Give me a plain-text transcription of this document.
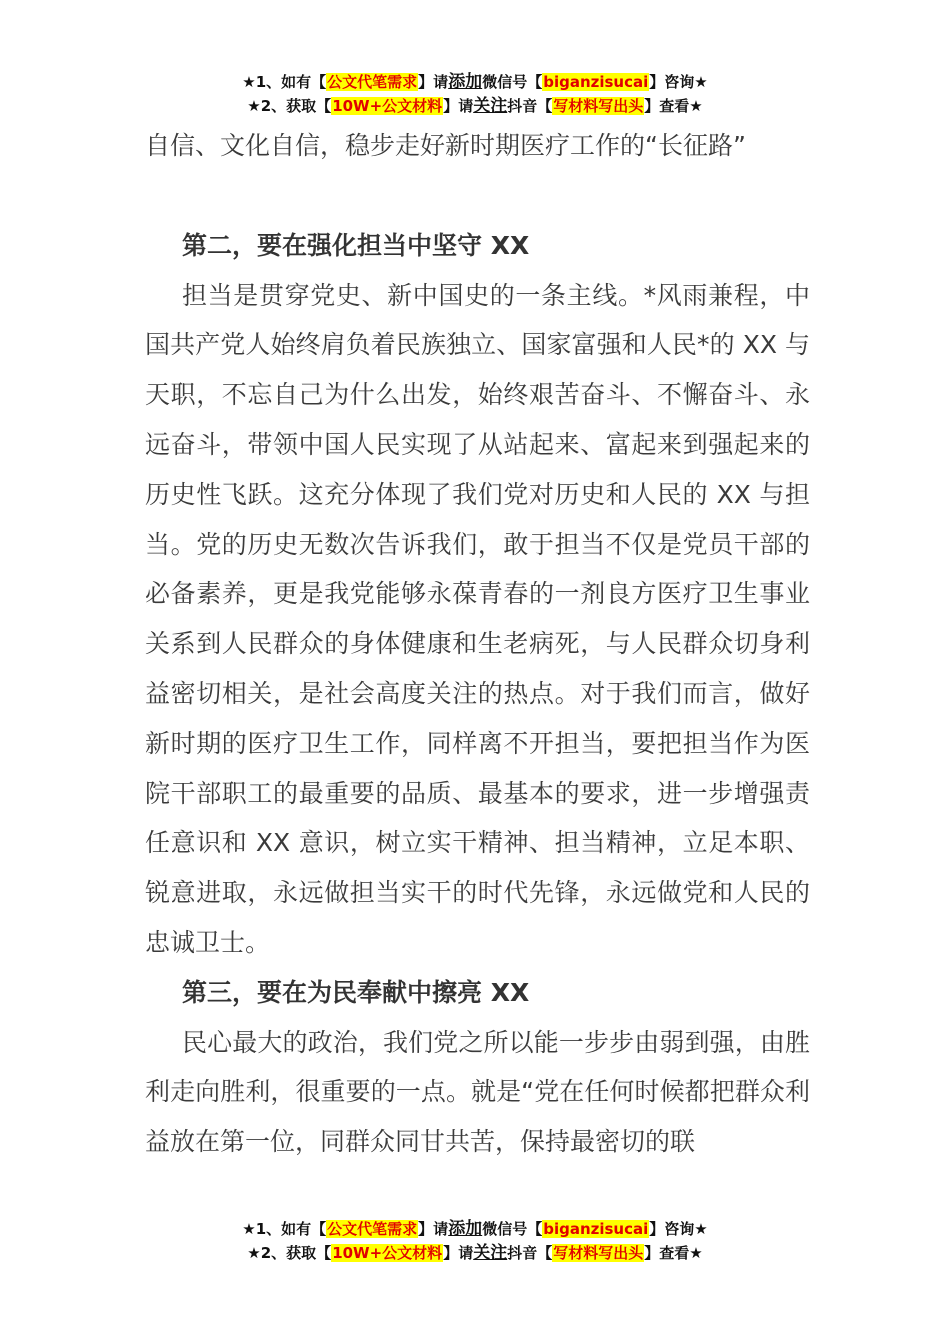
★1、如有【公文代笔需求】请添加微信号【biganzisucai】咨询★
★2、获取【10W+公文材料】请关注抖音【写材料写出头】查看★

自信、文化自信，稳步走好新时期医疗工作的“长征路”

第二，要在强化担当中坚守 XX

担当是贯穿党史、新中国史的一条主线。*风雨兼程，中国共产党人始终肩负着民族独立、国家富强和人民*的 XX 与天职，不忘自己为什么出发，始终艰苦奋斗、不懈奋斗、永远奋斗，带领中国人民实现了从站起来、富起来到强起来的历史性飞跃。这充分体现了我们党对历史和人民的 XX 与担当。党的历史无数次告诉我们，敢于担当不仅是党员干部的必备素养，更是我党能够永葆青春的一剂良方医疗卫生事业关系到人民群众的身体健康和生老病死，与人民群众切身利益密切相关，是社会高度关注的热点。对于我们而言，做好新时期的医疗卫生工作，同样离不开担当，要把担当作为医院干部职工的最重要的品质、最基本的要求，进一步增强责任意识和 XX 意识，树立实干精神、担当精神，立足本职、锐意进取，永远做担当实干的时代先锋，永远做党和人民的忠诚卫士。

第三，要在为民奉献中擦亮 XX

民心最大的政治，我们党之所以能一步步由弱到强，由胜利走向胜利，很重要的一点。就是“党在任何时候都把群众利益放在第一位，同群众同甘共苦，保持最密切的联

★1、如有【公文代笔需求】请添加微信号【biganzisucai】咨询★
★2、获取【10W+公文材料】请关注抖音【写材料写出头】查看★
